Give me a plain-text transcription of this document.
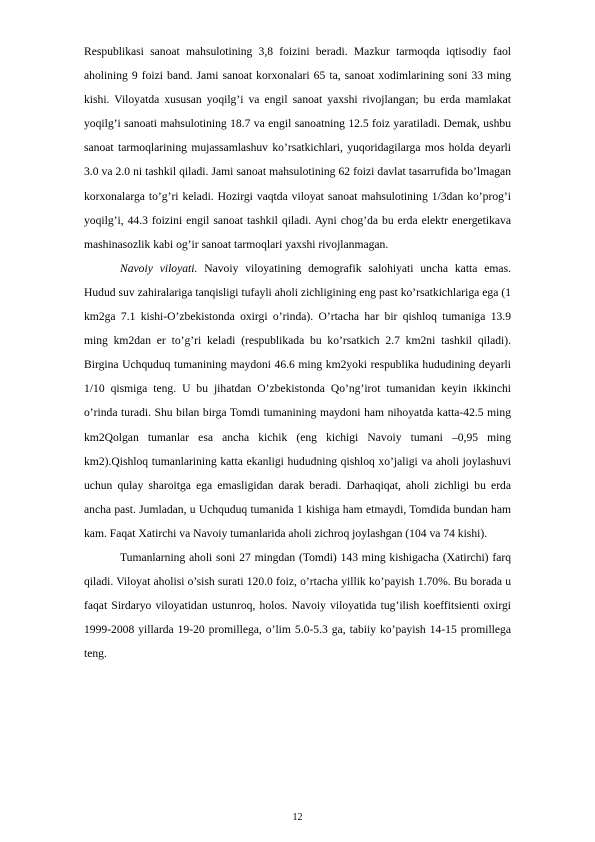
Respublikasi sanoat mahsulotining 3,8 foizini beradi. Mazkur tarmoqda iqtisodiy faol aholining 9 foizi band. Jami sanoat korxonalari 65 ta, sanoat xodimlarining soni 33 ming kishi. Viloyatda xususan yoqilg’i va engil sanoat yaxshi rivojlangan; bu erda mamlakat yoqilg’i sanoati mahsulotining 18.7 va engil sanoatning 12.5 foiz yaratiladi. Demak, ushbu sanoat tarmoqlarining mujassamlashuv ko’rsatkichlari, yuqoridagilarga mos holda deyarli 3.0 va 2.0 ni tashkil qiladi. Jami sanoat mahsulotining 62 foizi davlat tasarrufida bo’lmagan korxonalarga to’g’ri keladi. Hozirgi vaqtda viloyat sanoat mahsulotining 1/3dan ko’prog’i yoqilg’i, 44.3 foizini engil sanoat tashkil qiladi. Ayni chog’da bu erda elektr energetikava mashinasozlik kabi og’ir sanoat tarmoqlari yaxshi rivojlanmagan.

Navoiy viloyati. Navoiy viloyatining demografik salohiyati uncha katta emas. Hudud suv zahiralariga tanqisligi tufayli aholi zichligining eng past ko’rsatkichlariga ega (1 km2ga 7.1 kishi-O’zbekistonda oxirgi o’rinda). O’rtacha har bir qishloq tumaniga 13.9 ming km2dan er to’g’ri keladi (respublikada bu ko’rsatkich 2.7 km2ni tashkil qiladi). Birgina Uchquduq tumanining maydoni 46.6 ming km2yoki respublika hududining deyarli 1/10 qismiga teng. U bu jihatdan O’zbekistonda Qo’ng’irot tumanidan keyin ikkinchi o’rinda turadi. Shu bilan birga Tomdi tumanining maydoni ham nihoyatda katta-42.5 ming km2Qolgan tumanlar esa ancha kichik (eng kichigi Navoiy tumani –0,95 ming km2).Qishloq tumanlarining katta ekanligi hududning qishloq xo’jaligi va aholi joylashuvi uchun qulay sharoitga ega emasligidan darak beradi. Darhaqiqat, aholi zichligi bu erda ancha past. Jumladan, u Uchquduq tumanida 1 kishiga ham etmaydi, Tomdida bundan ham kam. Faqat Xatirchi va Navoiy tumanlarida aholi zichroq joylashgan (104 va 74 kishi).

Tumanlarning aholi soni 27 mingdan (Tomdi) 143 ming kishigacha (Xatirchi) farq qiladi. Viloyat aholisi o’sish surati 120.0 foiz, o’rtacha yillik ko’payish 1.70%. Bu borada u faqat Sirdaryo viloyatidan ustunroq, holos. Navoiy viloyatida tug’ilish koeffitsienti oxirgi 1999-2008 yillarda 19-20 promillega, o’lim 5.0-5.3 ga, tabiiy ko’payish 14-15 promillega teng.

12
